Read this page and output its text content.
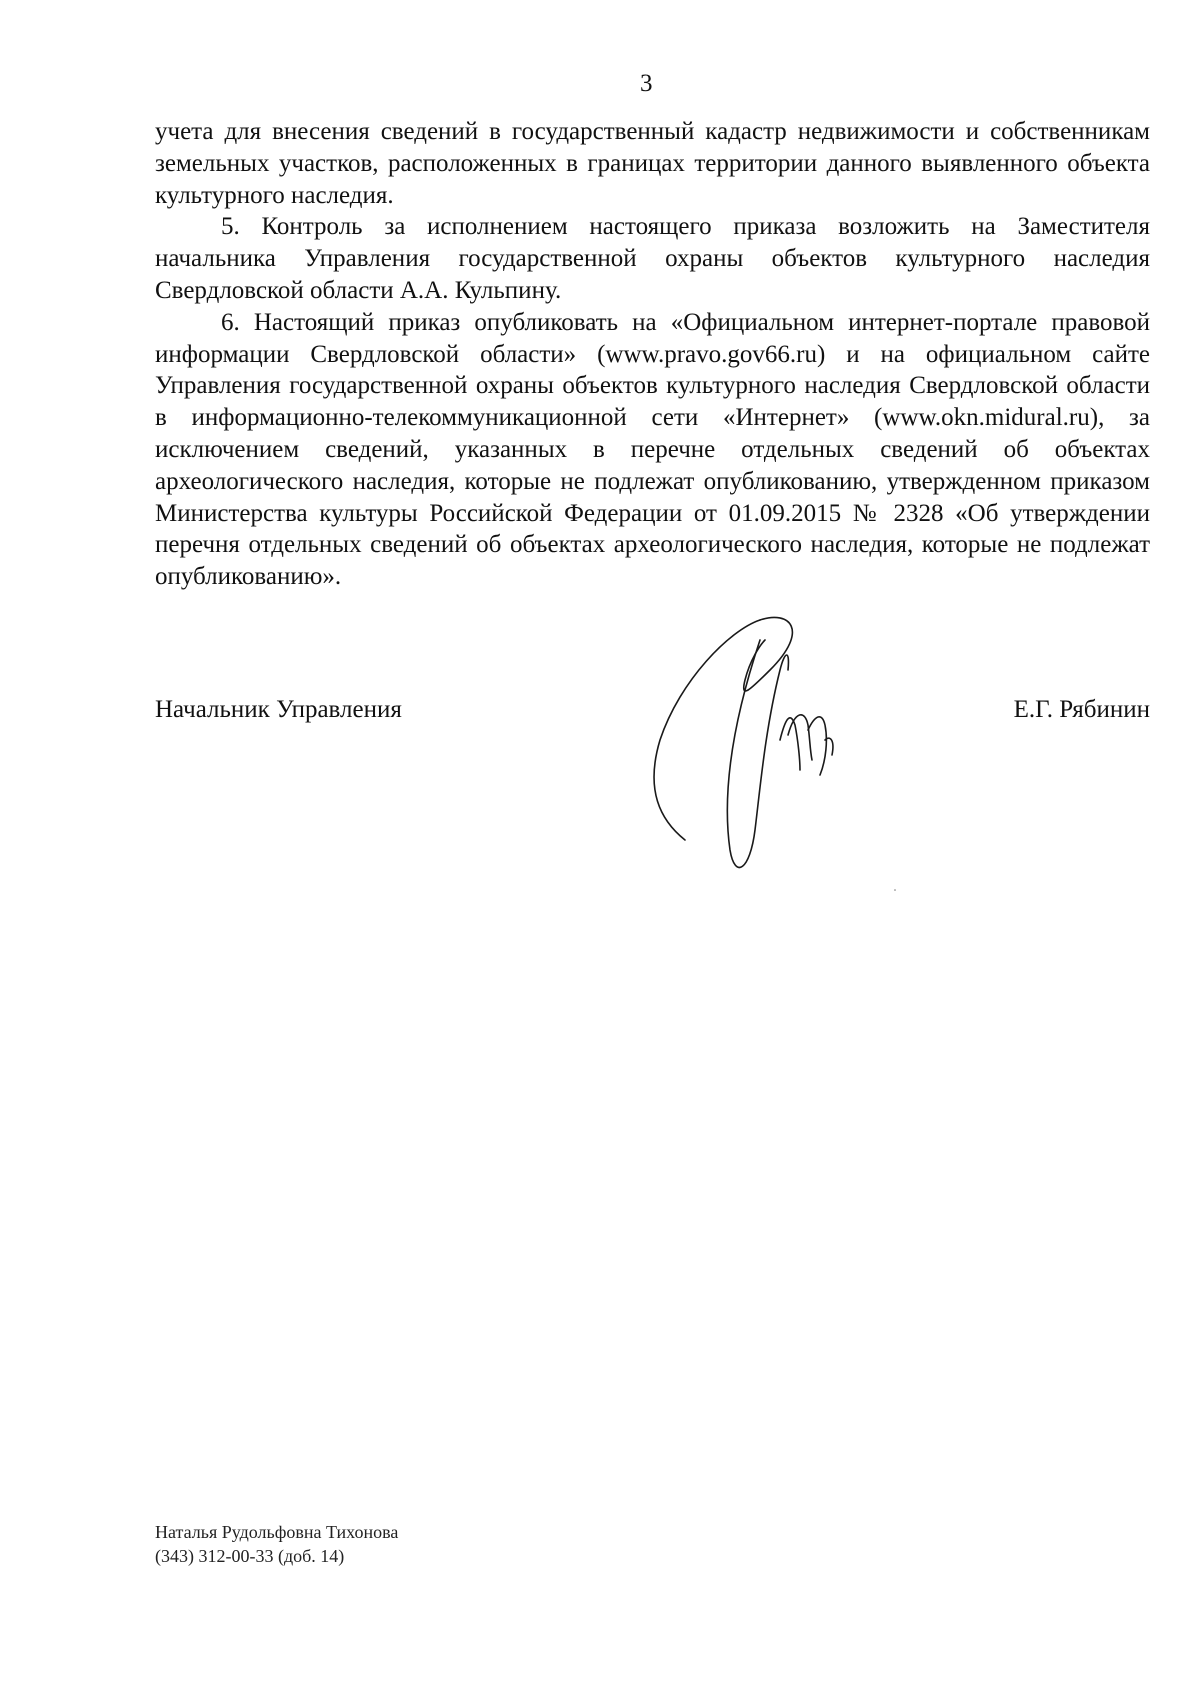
3

учета для внесения сведений в государственный кадастр недвижимости и собственникам земельных участков, расположенных в границах территории данного выявленного объекта культурного наследия.

5. Контроль за исполнением настоящего приказа возложить на Заместителя начальника Управления государственной охраны объектов культурного наследия Свердловской области А.А. Кульпину.

6. Настоящий приказ опубликовать на «Официальном интернет-портале правовой информации Свердловской области» (www.pravo.gov66.ru) и на официальном сайте Управления государственной охраны объектов культурного наследия Свердловской области в информационно-телекоммуникационной сети «Интернет» (www.okn.midural.ru), за исключением сведений, указанных в перечне отдельных сведений об объектах археологического наследия, которые не подлежат опубликованию, утвержденном приказом Министерства культуры Российской Федерации от 01.09.2015 № 2328 «Об утверждении перечня отдельных сведений об объектах археологического наследия, которые не подлежат опубликованию».

Начальник Управления	Е.Г. Рябинин
Наталья Рудольфовна Тихонова
(343) 312-00-33 (доб. 14)
